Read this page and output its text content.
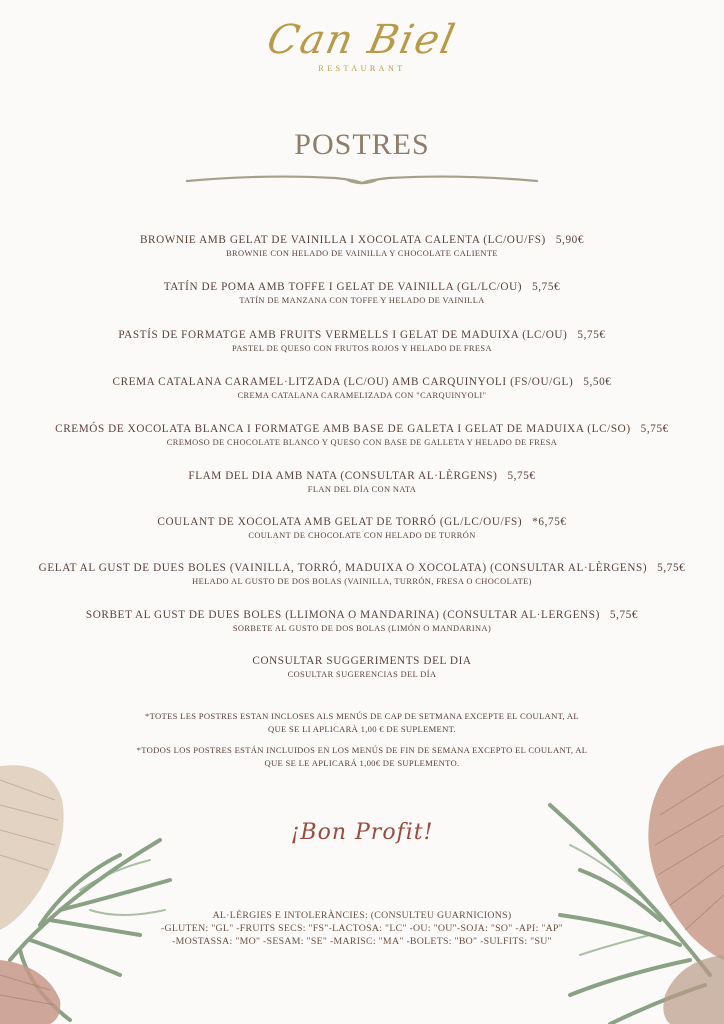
Can Biel
RESTAURANT
POSTRES
BROWNIE AMB GELAT DE VAINILLA I XOCOLATA CALENTA (LC/OU/FS) 5,90€
BROWNIE CON HELADO DE VAINILLA Y CHOCOLATE CALIENTE
TATÍN DE POMA AMB TOFFE I GELAT DE VAINILLA (GL/LC/OU) 5,75€
TATÍN DE MANZANA CON TOFFE Y HELADO DE VAINILLA
PASTÍS DE FORMATGE AMB FRUITS VERMELLS I GELAT DE MADUIXA (LC/OU) 5,75€
PASTEL DE QUESO CON FRUTOS ROJOS Y HELADO DE FRESA
CREMA CATALANA CARAMEL·LITZADA (LC/OU) AMB CARQUINYOLI (FS/OU/GL) 5,50€
CREMA CATALANA CARAMELIZADA CON "CARQUINYOLI"
CREMÓS DE XOCOLATA BLANCA I FORMATGE AMB BASE DE GALETA I GELAT DE MADUIXA (LC/SO) 5,75€
CREMOSO DE CHOCOLATE BLANCO Y QUESO CON BASE DE GALLETA Y HELADO DE FRESA
FLAM DEL DIA AMB NATA (CONSULTAR AL·LÈRGENS) 5,75€
FLAN DEL DÍA CON NATA
COULANT DE XOCOLATA AMB GELAT DE TORRÓ (GL/LC/OU/FS) *6,75€
COULANT DE CHOCOLATE CON HELADO DE TURRÓN
GELAT AL GUST DE DUES BOLES (VAINILLA, TORRÓ, MADUIXA O XOCOLATA) (CONSULTAR AL·LÈRGENS) 5,75€
HELADO AL GUSTO DE DOS BOLAS (VAINILLA, TURRÓN, FRESA O CHOCOLATE)
SORBET AL GUST DE DUES BOLES (LLIMONA O MANDARINA) (CONSULTAR AL·LERGENS) 5,75€
SORBETE AL GUSTO DE DOS BOLAS (LIMÓN O MANDARINA)
CONSULTAR SUGGERIMENTS DEL DIA
COSULTAR SUGERENCIAS DEL DÍA
*TOTES LES POSTRES ESTAN INCLOSES ALS MENÚS DE CAP DE SETMANA EXCEPTE EL COULANT, AL
QUE SE LI APLICARÀ 1,00 € DE SUPLEMENT.
*TODOS LOS POSTRES ESTÁN INCLUIDOS EN LOS MENÚS DE FIN DE SEMANA EXCEPTO EL COULANT, AL
QUE SE LE APLICARÁ 1,00€ DE SUPLEMENTO.
¡Bon Profit!
AL·LÈRGIES E INTOLERÀNCIES: (CONSULTEU GUARNICIONS)
-GLUTEN: "GL" -FRUITS SECS: "FS"-LACTOSA: "LC" -OU: "OU"-SOJA: "SO" -API: "AP"
-MOSTASSA: "MO" -SESAM: "SE" -MARISC: "MA" -BOLETS: "BO" -SULFITS: "SU"
